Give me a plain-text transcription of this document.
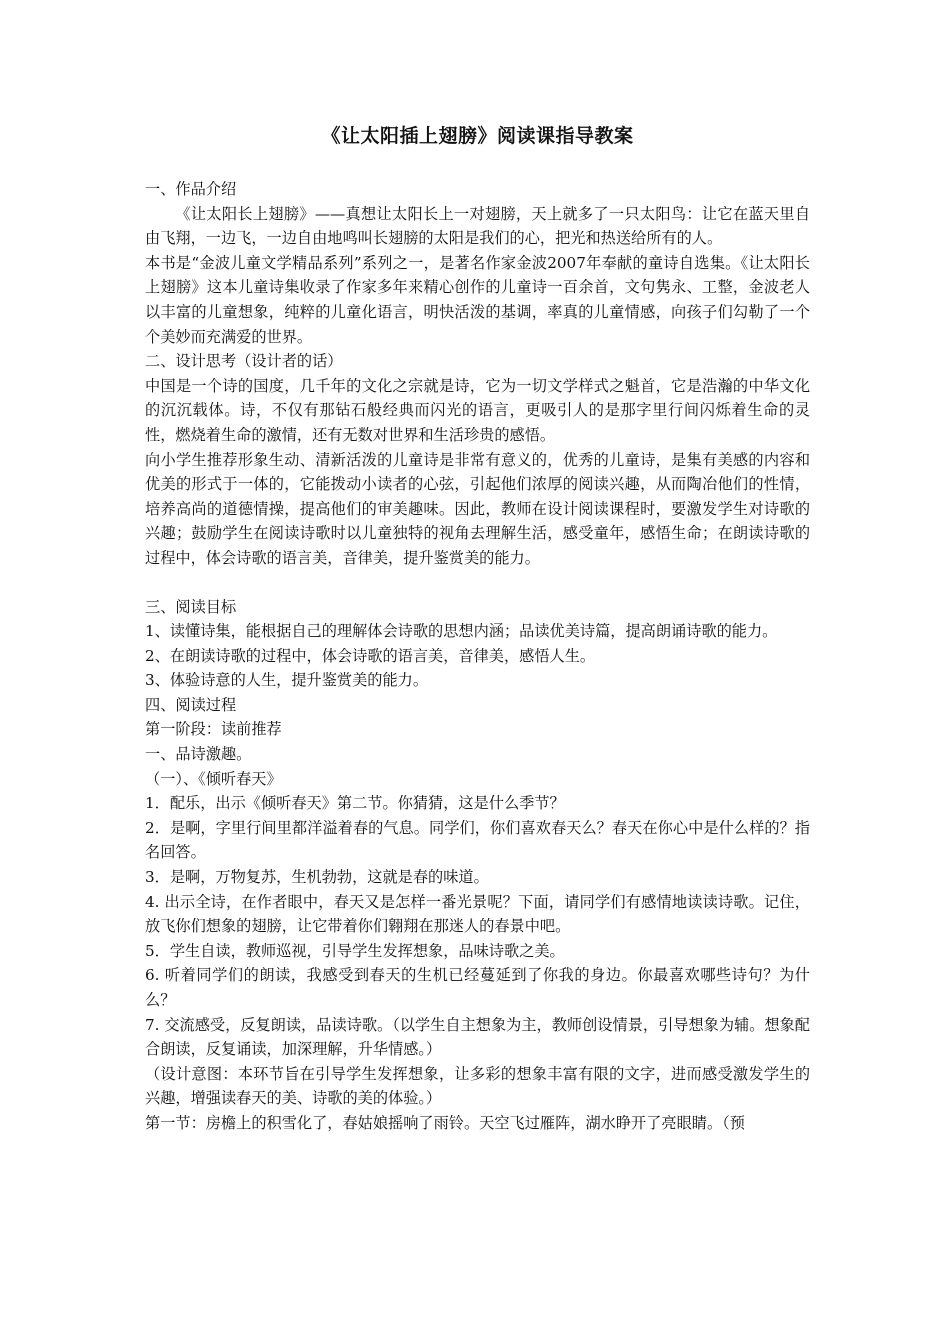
《让太阳插上翅膀》阅读课指导教案

一、作品介绍

《让太阳长上翅膀》——真想让太阳长上一对翅膀，天上就多了一只太阳鸟：让它在蓝天里自由飞翔，一边飞，一边自由地鸣叫长翅膀的太阳是我们的心，把光和热送给所有的人。

本书是“金波儿童文学精品系列”系列之一，是著名作家金波2007年奉献的童诗自选集。《让太阳长上翅膀》这本儿童诗集收录了作家多年来精心创作的儿童诗一百余首，文句隽永、工整，金波老人以丰富的儿童想象，纯粹的儿童化语言，明快活泼的基调，率真的儿童情感，向孩子们勾勒了一个个美妙而充满爱的世界。

二、设计思考（设计者的话）

中国是一个诗的国度，几千年的文化之宗就是诗，它为一切文学样式之魁首，它是浩瀚的中华文化的沉沉载体。诗，不仅有那钻石般经典而闪光的语言，更吸引人的是那字里行间闪烁着生命的灵性，燃烧着生命的激情，还有无数对世界和生活珍贵的感悟。

向小学生推荐形象生动、清新活泼的儿童诗是非常有意义的，优秀的儿童诗，是集有美感的内容和优美的形式于一体的，它能拨动小读者的心弦，引起他们浓厚的阅读兴趣，从而陶冶他们的性情，培养高尚的道德情操，提高他们的审美趣味。因此，教师在设计阅读课程时，要激发学生对诗歌的兴趣；鼓励学生在阅读诗歌时以儿童独特的视角去理解生活，感受童年，感悟生命；在朗读诗歌的过程中，体会诗歌的语言美，音律美，提升鉴赏美的能力。

三、阅读目标

1、读懂诗集，能根据自己的理解体会诗歌的思想内涵；品读优美诗篇，提高朗诵诗歌的能力。

2、在朗读诗歌的过程中，体会诗歌的语言美，音律美，感悟人生。

3、体验诗意的人生，提升鉴赏美的能力。

四、阅读过程

第一阶段：读前推荐

一、品诗激趣。

（一）、《倾听春天》

1．配乐，出示《倾听春天》第二节。你猜猜，这是什么季节？

2．是啊，字里行间里都洋溢着春的气息。同学们，你们喜欢春天么？春天在你心中是什么样的？指名回答。

3．是啊，万物复苏，生机勃勃，这就是春的味道。

4. 出示全诗，在作者眼中，春天又是怎样一番光景呢？下面，请同学们有感情地读读诗歌。记住，放飞你们想象的翅膀，让它带着你们翱翔在那迷人的春景中吧。

5．学生自读，教师巡视，引导学生发挥想象，品味诗歌之美。

6. 听着同学们的朗读，我感受到春天的生机已经蔓延到了你我的身边。你最喜欢哪些诗句？为什么？

7. 交流感受，反复朗读，品读诗歌。（以学生自主想象为主，教师创设情景，引导想象为辅。想象配合朗读，反复诵读，加深理解，升华情感。）

（设计意图：本环节旨在引导学生发挥想象，让多彩的想象丰富有限的文字，进而感受激发学生的兴趣，增强读春天的美、诗歌的美的体验。）

第一节：房檐上的积雪化了，春姑娘摇响了雨铃。天空飞过雁阵，湖水睁开了亮眼睛。（预
